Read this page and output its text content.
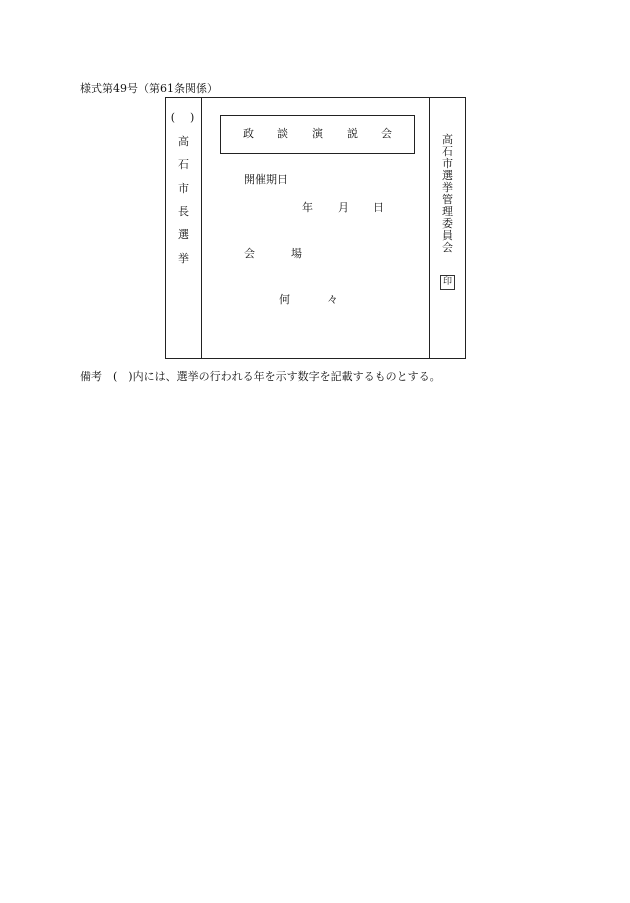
様式第49号（第61条関係）
(　)
高
石
市
長
選
挙
政 談 演 説 会
開催期日
年 月 日
会	場
何	々
高
石
市
選
挙
管
理
委
員
会
印
備考　(　)内には、選挙の行われる年を示す数字を記載するものとする。
